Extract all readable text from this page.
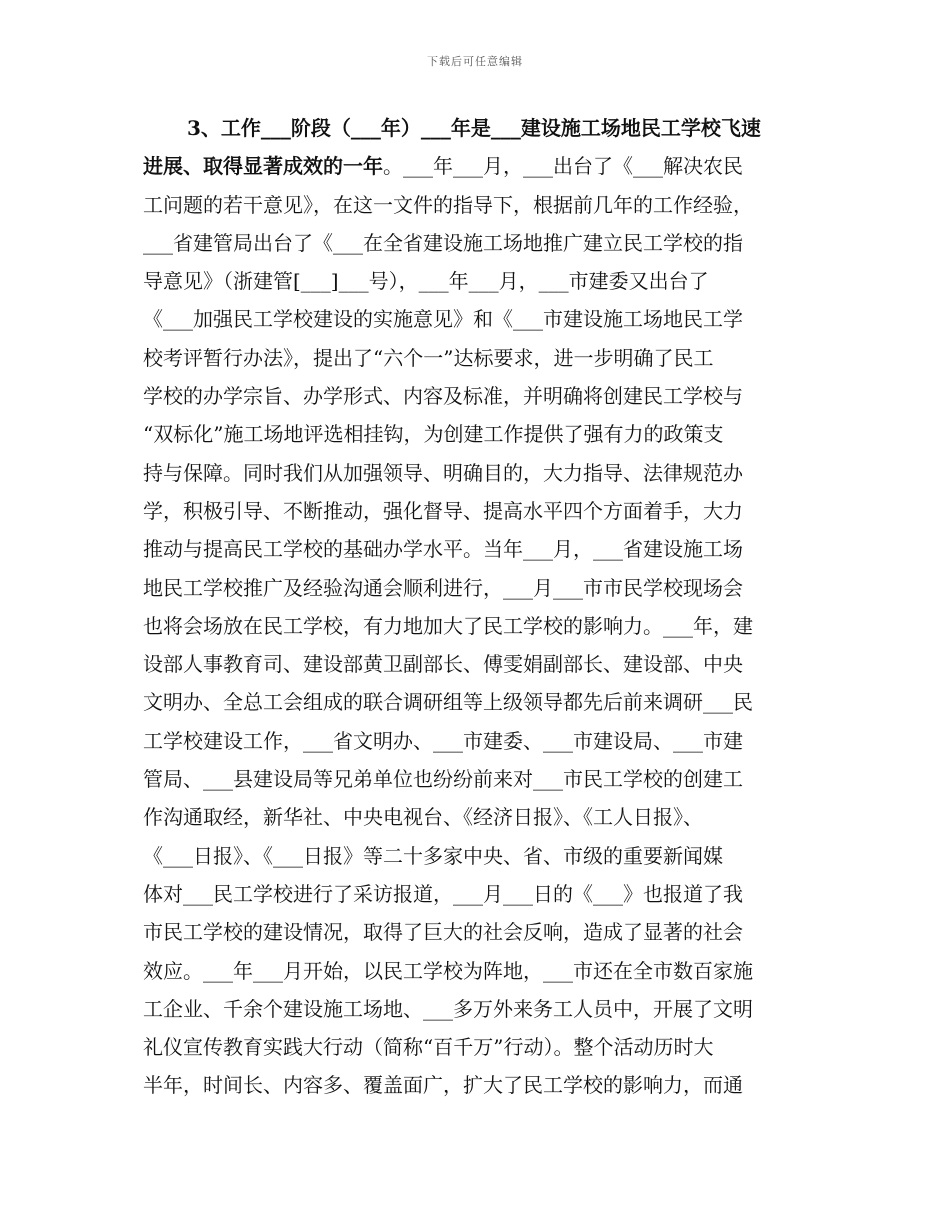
下载后可任意编辑
3、工作___阶段（___年）___年是___建设施工场地民工学校飞速
进展、取得显著成效的一年。___年___月，___出台了《___解决农民
工问题的若干意见》，在这一文件的指导下，根据前几年的工作经验，
___省建管局出台了《___在全省建设施工场地推广建立民工学校的指
导意见》（浙建管[___]___号），___年___月，___市建委又出台了
《___加强民工学校建设的实施意见》和《___市建设施工场地民工学
校考评暂行办法》，提出了“六个一”达标要求，进一步明确了民工
学校的办学宗旨、办学形式、内容及标准，并明确将创建民工学校与
“双标化”施工场地评选相挂钩，为创建工作提供了强有力的政策支
持与保障。同时我们从加强领导、明确目的，大力指导、法律规范办
学，积极引导、不断推动，强化督导、提高水平四个方面着手，大力
推动与提高民工学校的基础办学水平。当年___月，___省建设施工场
地民工学校推广及经验沟通会顺利进行，___月___市市民学校现场会
也将会场放在民工学校，有力地加大了民工学校的影响力。___年，建
设部人事教育司、建设部黄卫副部长、傅雯娟副部长、建设部、中央
文明办、全总工会组成的联合调研组等上级领导都先后前来调研___民
工学校建设工作，___省文明办、___市建委、___市建设局、___市建
管局、___县建设局等兄弟单位也纷纷前来对___市民工学校的创建工
作沟通取经，新华社、中央电视台、《经济日报》、《工人日报》、
《___日报》、《___日报》等二十多家中央、省、市级的重要新闻媒
体对___民工学校进行了采访报道，___月___日的《___》也报道了我
市民工学校的建设情况，取得了巨大的社会反响，造成了显著的社会
效应。___年___月开始，以民工学校为阵地，___市还在全市数百家施
工企业、千余个建设施工场地、___多万外来务工人员中，开展了文明
礼仪宣传教育实践大行动（简称“百千万”行动）。整个活动历时大
半年，时间长、内容多、覆盖面广，扩大了民工学校的影响力，而通
